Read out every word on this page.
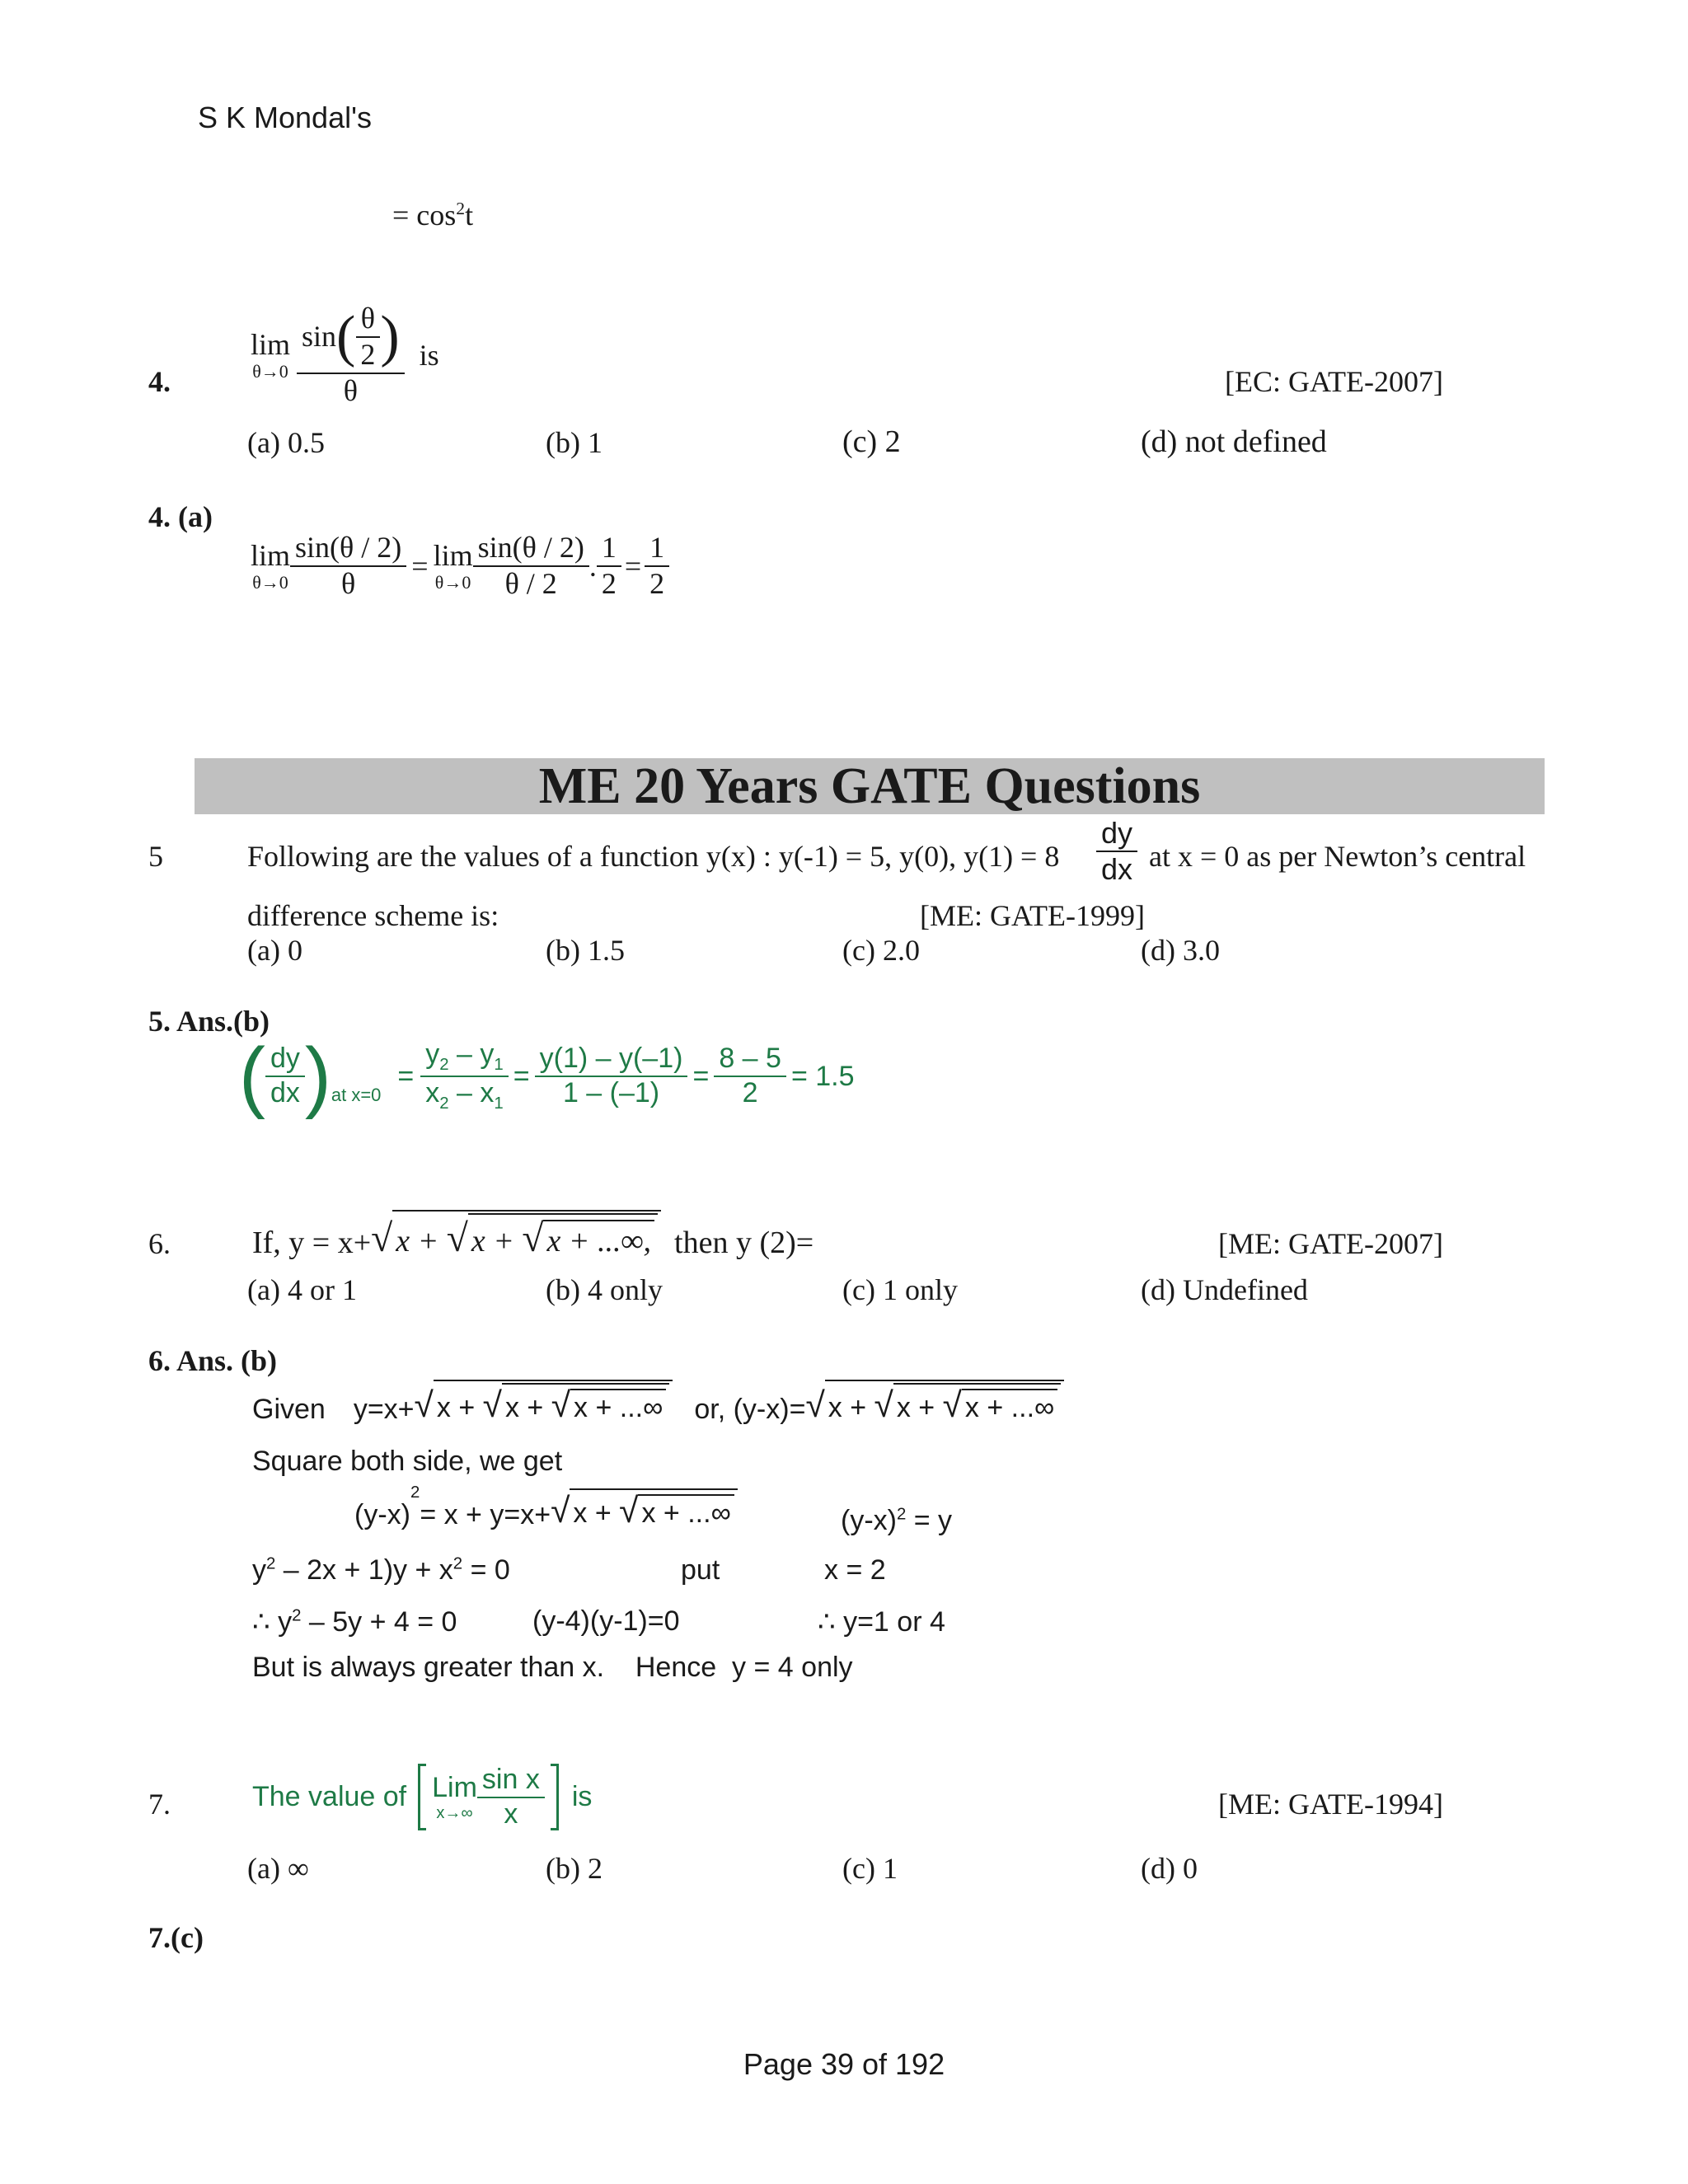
S K Mondal's
= $\cos^2t$
4.
lim
$\theta\to 0 \frac{\sin ( \frac{\theta}{2} )}{\theta}$ is
[EC: GATE-2007]
(a) 0.5	(b) 1	(c) 2	(d) not defined
4. (a)
lim
$\theta\to 0 \frac{\sin(\theta / 2)}{\theta} = \lim$
$\theta\to 0 \frac{\sin(\theta / 2)}{\theta / 2}$ . $\frac{1}{2} = \frac{1}{2}$
ME 20 Years GATE Questions
5	Following are the values of a function y(x) : y(-1) = 5, y(0), $y(1) = 8 \frac{dy}{dx}$ at x = 0 as per Newton’s central
difference scheme is:	[ME: GATE-1999]
(a) 0	(b) 1.5	(c) 2.0	(d) 3.0
5. Ans.(b)
( $\frac{dy}{dx}$ ) at x=0
= $\frac{y_2 - y_1}{x_2 - x_1} = \frac{y(1) - y(-1)}{1 - (-1)} = \frac{8 - 5}{2} = 1.5$
6.	If, y = x+ √ x + √ x + √ x + ...∞, then y (2)=	[ME: GATE-2007]
(a) 4 or 1	(b) 4 only	(c) 1 only	(d) Undefined
6. Ans. (b)
Given y=x+ √ x + √ x + √ x + ...∞	or, (y-x)= √ x + √ x + √ x + ...∞
Square both side, we get
(y-x)
$^2$
= x + y=x+ √ x + √ x + ...∞	$(y-x)^2 = y$
$y^2 - 2x + 1)y + x^2 = 0$	put	x = 2
∴ $y^2 - 5y + 4 = 0$	(y-4)(y-1)=0	∴ y=1 or 4
But is always greater than x.    Hence  y = 4 only
7.	The value of Lim
$x\to\infty \frac{\text{sin x}}{x}$ is	[ME: GATE-1994]
(a) ∞	(b) 2	(c) 1	(d) 0
7.(c)
Page 39 of 192
